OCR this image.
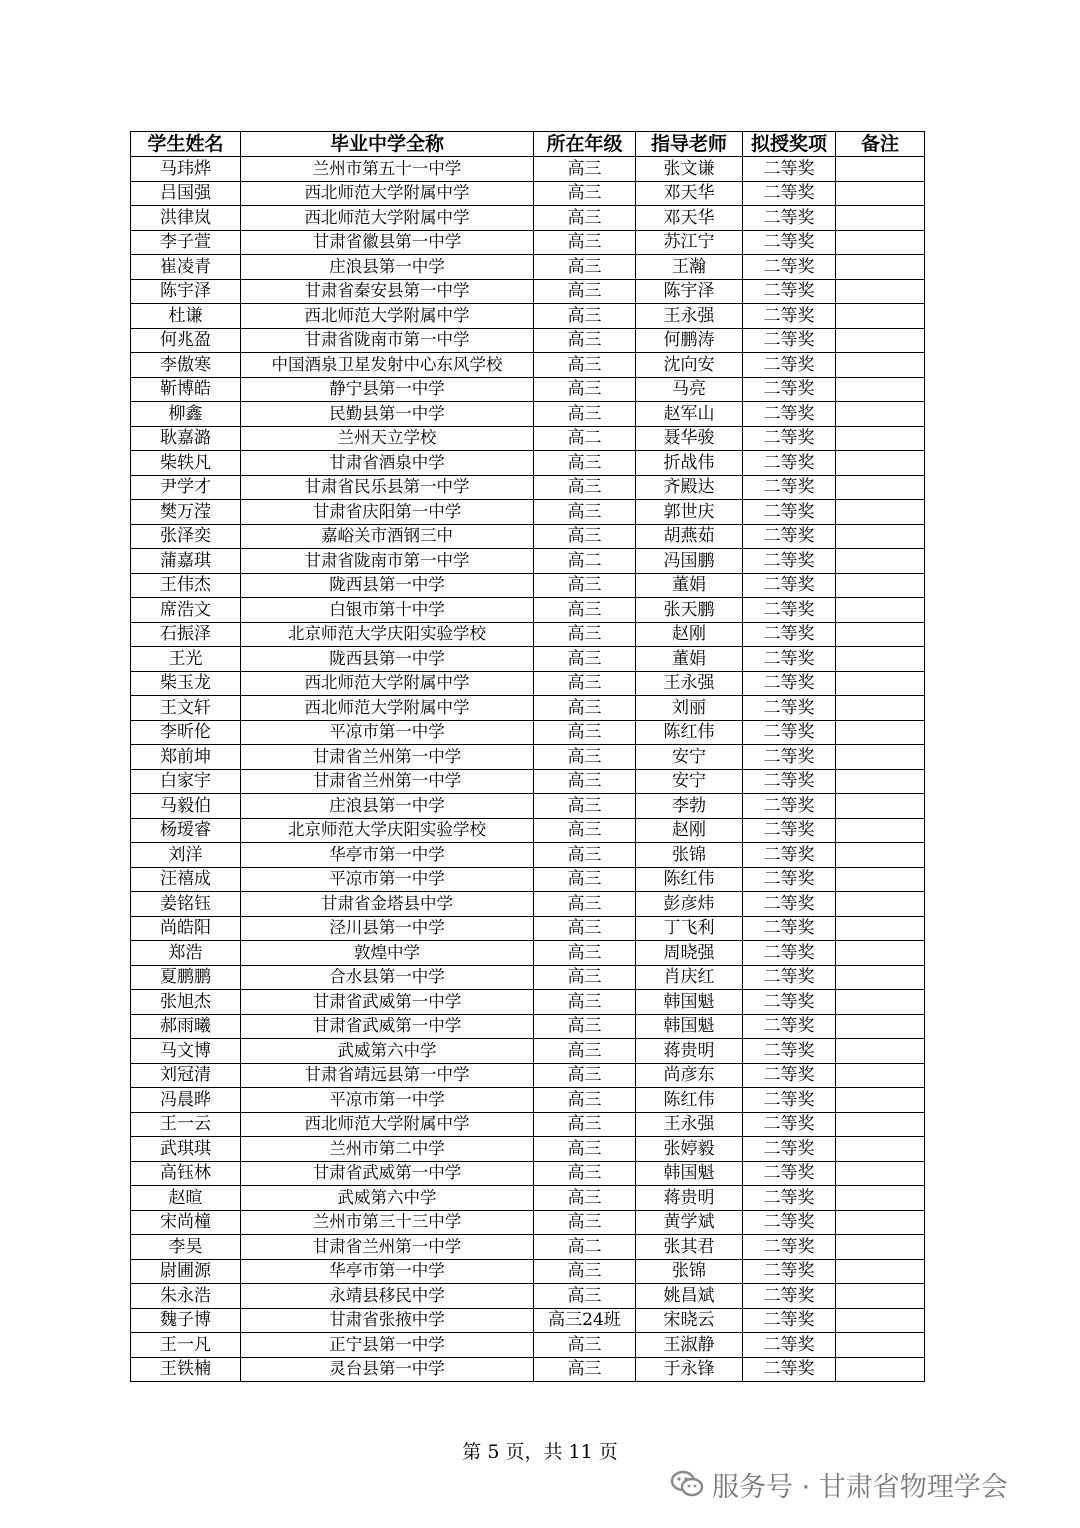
学生姓名	毕业中学全称	所在年级	指导老师	拟授奖项	备注
马玮烨	兰州市第五十一中学	高三	张文谦	二等奖	
吕国强	西北师范大学附属中学	高三	邓天华	二等奖	
洪律岚	西北师范大学附属中学	高三	邓天华	二等奖	
李子萱	甘肃省徽县第一中学	高三	苏江宁	二等奖	
崔凌青	庄浪县第一中学	高三	王瀚	二等奖	
陈宇泽	甘肃省秦安县第一中学	高三	陈宇泽	二等奖	
杜谦	西北师范大学附属中学	高三	王永强	二等奖	
何兆盈	甘肃省陇南市第一中学	高三	何鹏涛	二等奖	
李傲寒	中国酒泉卫星发射中心东风学校	高三	沈向安	二等奖	
靳博皓	静宁县第一中学	高三	马亮	二等奖	
柳鑫	民勤县第一中学	高三	赵军山	二等奖	
耿嘉潞	兰州天立学校	高二	聂华骏	二等奖	
柴轶凡	甘肃省酒泉中学	高三	折战伟	二等奖	
尹学才	甘肃省民乐县第一中学	高三	齐殿达	二等奖	
樊万滢	甘肃省庆阳第一中学	高三	郭世庆	二等奖	
张泽奕	嘉峪关市酒钢三中	高三	胡燕茹	二等奖	
蒲嘉琪	甘肃省陇南市第一中学	高二	冯国鹏	二等奖	
王伟杰	陇西县第一中学	高三	董娟	二等奖	
席浩文	白银市第十中学	高三	张天鹏	二等奖	
石振泽	北京师范大学庆阳实验学校	高三	赵刚	二等奖	
王光	陇西县第一中学	高三	董娟	二等奖	
柴玉龙	西北师范大学附属中学	高三	王永强	二等奖	
王文轩	西北师范大学附属中学	高三	刘丽	二等奖	
李昕伦	平凉市第一中学	高三	陈红伟	二等奖	
郑前坤	甘肃省兰州第一中学	高三	安宁	二等奖	
白家宇	甘肃省兰州第一中学	高三	安宁	二等奖	
马毅伯	庄浪县第一中学	高三	李勃	二等奖	
杨瑷睿	北京师范大学庆阳实验学校	高三	赵刚	二等奖	
刘洋	华亭市第一中学	高三	张锦	二等奖	
汪禧成	平凉市第一中学	高三	陈红伟	二等奖	
姜铭钰	甘肃省金塔县中学	高三	彭彦炜	二等奖	
尚皓阳	泾川县第一中学	高三	丁飞利	二等奖	
郑浩	敦煌中学	高三	周晓强	二等奖	
夏鹏鹏	合水县第一中学	高三	肖庆红	二等奖	
张旭杰	甘肃省武威第一中学	高三	韩国魁	二等奖	
郝雨曦	甘肃省武威第一中学	高三	韩国魁	二等奖	
马文博	武威第六中学	高三	蒋贵明	二等奖	
刘冠清	甘肃省靖远县第一中学	高三	尚彦东	二等奖	
冯晨晔	平凉市第一中学	高三	陈红伟	二等奖	
王一云	西北师范大学附属中学	高三	王永强	二等奖	
武琪琪	兰州市第二中学	高三	张婷毅	二等奖	
高钰林	甘肃省武威第一中学	高三	韩国魁	二等奖	
赵暄	武威第六中学	高三	蒋贵明	二等奖	
宋尚橦	兰州市第三十三中学	高三	黄学斌	二等奖	
李昊	甘肃省兰州第一中学	高二	张其君	二等奖	
尉圃源	华亭市第一中学	高三	张锦	二等奖	
朱永浩	永靖县移民中学	高三	姚昌斌	二等奖	
魏子博	甘肃省张掖中学	高三24班	宋晓云	二等奖	
王一凡	正宁县第一中学	高三	王淑静	二等奖	
王铁楠	灵台县第一中学	高三	于永锋	二等奖	
第 5 页，共 11 页
服务号 · 甘肃省物理学会
